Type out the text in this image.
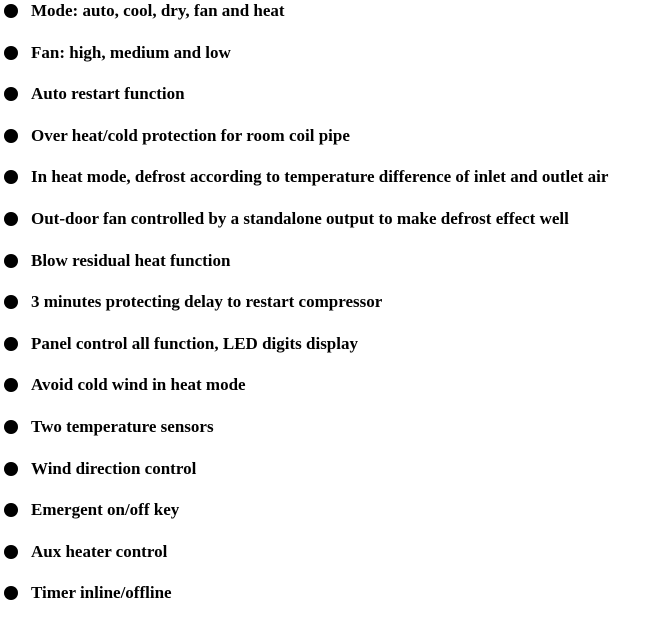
Mode: auto, cool, dry, fan and heat
Fan: high, medium and low
Auto restart function
Over heat/cold protection for room coil pipe
In heat mode, defrost according to temperature difference of inlet and outlet air
Out-door fan controlled by a standalone output to make defrost effect well
Blow residual heat function
3 minutes protecting delay to restart compressor
Panel control all function, LED digits display
Avoid cold wind in heat mode
Two temperature sensors
Wind direction control
Emergent on/off key
Aux heater control
Timer inline/offline
